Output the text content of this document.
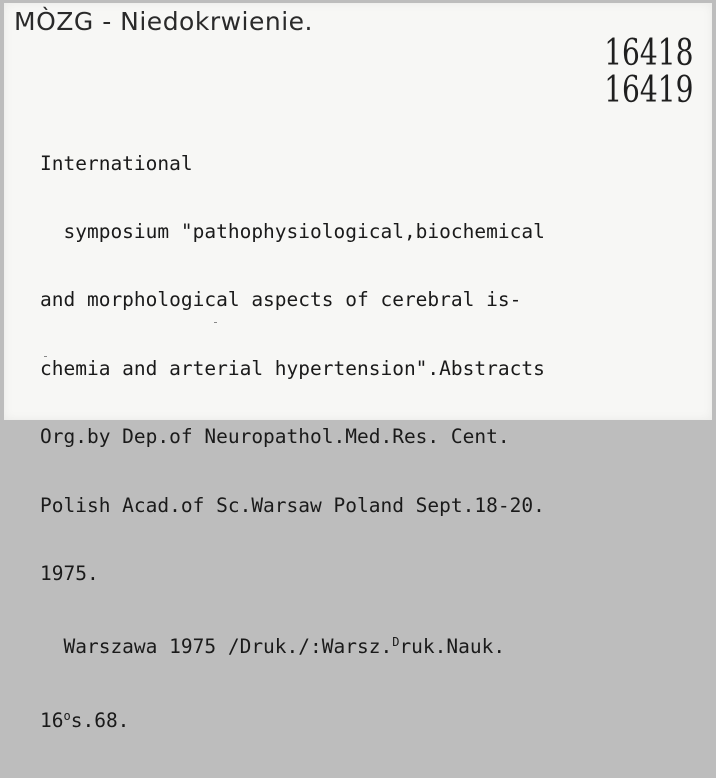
MÒZG - Niedokrwienie.
16418
16419

International

symposium "pathophysiological,biochemical

and morphological aspects of cerebral is-

chemia and arterial hypertension".Abstracts

Org.by Dep.of Neuropathol.Med.Res. Cent.

Polish Acad.of Sc.Warsaw Poland Sept.18-20.

1975.

Warszawa 1975 /Druk./:Warsz.$^D$ruk.Nauk.

16$^o$s.68.
